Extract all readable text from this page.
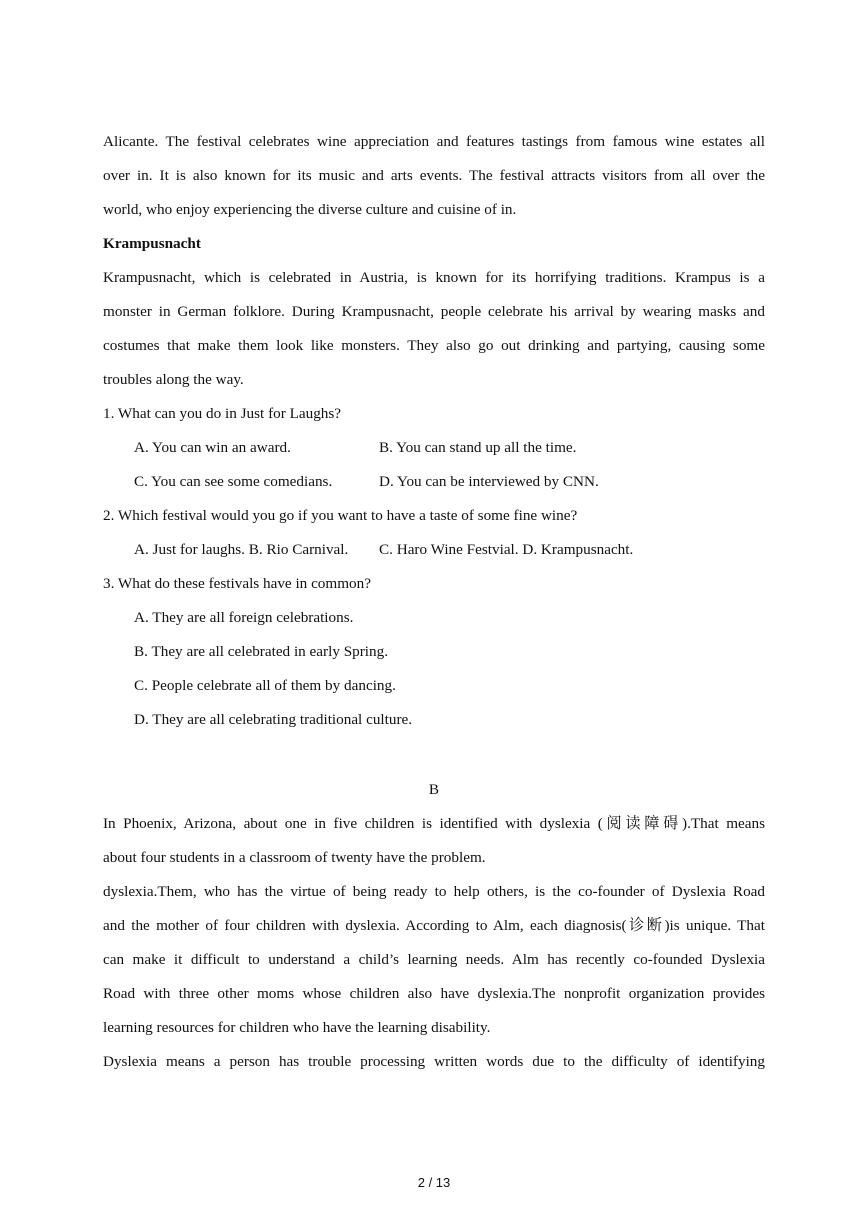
Alicante. The festival celebrates wine appreciation and features tastings from famous wine estates all
over in. It is also known for its music and arts events. The festival attracts visitors from all over the
world, who enjoy experiencing the diverse culture and cuisine of in.
Krampusnacht
Krampusnacht, which is celebrated in Austria, is known for its horrifying traditions. Krampus is a
monster in German folklore. During Krampusnacht, people celebrate his arrival by wearing masks and
costumes that make them look like monsters. They also go out drinking and partying, causing some
troubles along the way.
1. What can you do in Just for Laughs?
A. You can win an award.	B. You can stand up all the time.
C. You can see some comedians.	D. You can be interviewed by CNN.
2. Which festival would you go if you want to have a taste of some fine wine?
A. Just for laughs. B. Rio Carnival. C. Haro Wine Festvial. D. Krampusnacht.
3. What do these festivals have in common?
A. They are all foreign celebrations.
B. They are all celebrated in early Spring.
C. People celebrate all of them by dancing.
D. They are all celebrating traditional culture.
B
In Phoenix, Arizona, about one in five children is identified with dyslexia (阅读障碍).That means
about four students in a classroom of twenty have the problem.
dyslexia.Them, who has the virtue of being ready to help others, is the co-founder of Dyslexia Road
and the mother of four children with dyslexia. According to Alm, each diagnosis(诊断)is unique. That
can make it difficult to understand a child’s learning needs. Alm has recently co-founded Dyslexia
Road with three other moms whose children also have dyslexia.The nonprofit organization provides
learning resources for children who have the learning disability.
Dyslexia means a person has trouble processing written words due to the difficulty of identifying
2 / 13
